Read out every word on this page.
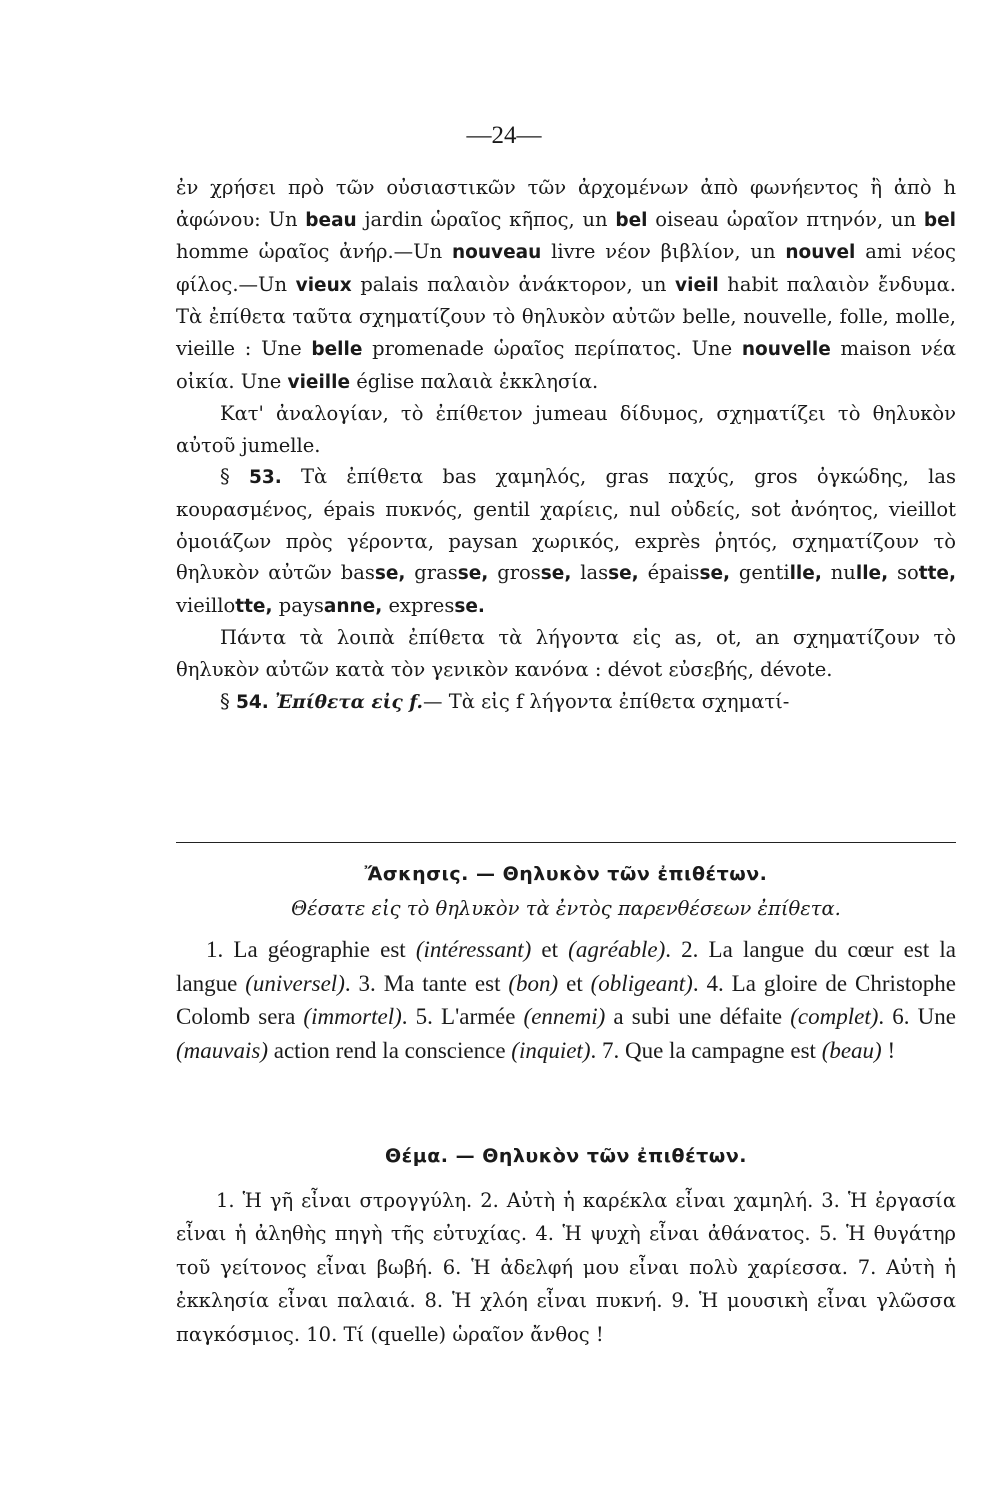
—24—

ἐν χρήσει πρὸ τῶν οὐσιαστικῶν τῶν ἀρχομένων ἀπὸ φωνήεντος ἢ ἀπὸ h ἀφώνου: Un beau jardin ὡραῖος κῆπος, un bel oiseau ὡραῖον πτηνόν, un bel homme ὡραῖος ἀνήρ.—Un nouveau livre νέον βιβλίον, un nouvel ami νέος φίλος.—Un vieux palais παλαιὸν ἀνάκτορον, un vieil habit παλαιὸν ἔνδυμα. Τὰ ἐπίθετα ταῦτα σχηματίζουν τὸ θηλυκὸν αὐτῶν belle, nouvelle, folle, molle, vieille : Une belle promenade ὡραῖος περίπατος. Une nouvelle maison νέα οἰκία. Une vieille église παλαιὰ ἐκκλησία.

Κατ' ἀναλογίαν, τὸ ἐπίθετον jumeau δίδυμος, σχηματίζει τὸ θηλυκὸν αὐτοῦ jumelle.

§ 53. Τὰ ἐπίθετα bas χαμηλός, gras παχύς, gros ὀγκώδης, las κουρασμένος, épais πυκνός, gentil χαρίεις, nul οὐδείς, sot ἀνόητος, vieillot ὁμοιάζων πρὸς γέροντα, paysan χωρικός, exprès ῥητός, σχηματίζουν τὸ θηλυκὸν αὐτῶν basse, grasse, grosse, lasse, épaisse, gentille, nulle, sotte, vieillotte, paysanne, expresse.

Πάντα τὰ λοιπὰ ἐπίθετα τὰ λήγοντα εἰς as, ot, an σχηματίζουν τὸ θηλυκὸν αὐτῶν κατὰ τὸν γενικὸν κανόνα : dévot εὐσεβής, dévote.

§ 54. Ἐπίθετα εἰς f.— Τὰ εἰς f λήγοντα ἐπίθετα σχηματί-

Ἄσκησις. — Θηλυκὸν τῶν ἐπιθέτων.

Θέσατε εἰς τὸ θηλυκὸν τὰ ἐντὸς παρενθέσεων ἐπίθετα.

1. La géographie est (intéressant) et (agréable). 2. La langue du cœur est la langue (universel). 3. Ma tante est (bon) et (obligeant). 4. La gloire de Christophe Colomb sera (immortel). 5. L'armée (ennemi) a subi une défaite (complet). 6. Une (mauvais) action rend la conscience (inquiet). 7. Que la campagne est (beau) !

Θέμα. — Θηλυκὸν τῶν ἐπιθέτων.

1. Ἡ γῆ εἶναι στρογγύλη. 2. Αὐτὴ ἡ καρέκλα εἶναι χαμηλή. 3. Ἡ ἐργασία εἶναι ἡ ἀληθὴς πηγὴ τῆς εὐτυχίας. 4. Ἡ ψυχὴ εἶναι ἀθάνατος. 5. Ἡ θυγάτηρ τοῦ γείτονος εἶναι βωβή. 6. Ἡ ἀδελφή μου εἶναι πολὺ χαρίεσσα. 7. Αὐτὴ ἡ ἐκκλησία εἶναι παλαιά. 8. Ἡ χλόη εἶναι πυκνή. 9. Ἡ μουσικὴ εἶναι γλῶσσα παγκόσμιος. 10. Τί (quelle) ὡραῖον ἄνθος !
